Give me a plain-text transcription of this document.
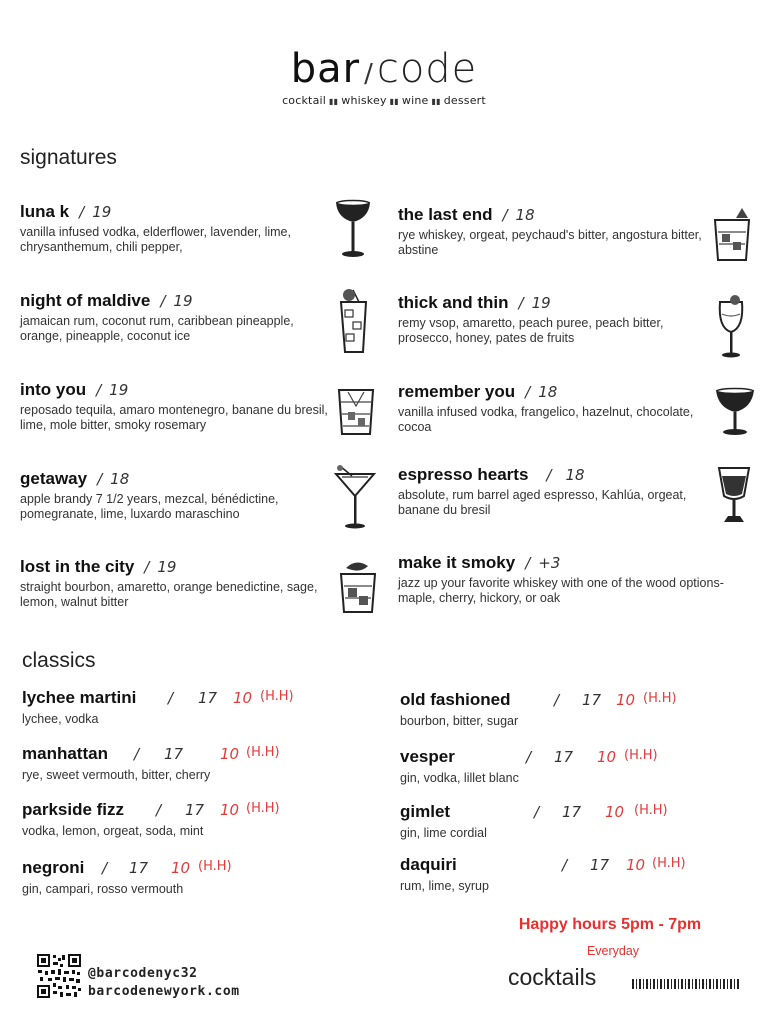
bar / code
cocktail ▮▮ whiskey ▮▮ wine ▮▮ dessert
signatures
luna k / 19
vanilla infused vodka, elderflower, lavender, lime, chrysanthemum, chili pepper,
night of maldive / 19
jamaican rum, coconut rum, caribbean pineapple, orange, pineapple, coconut ice
into you / 19
reposado tequila, amaro montenegro, banane du bresil, lime, mole bitter, smoky rosemary
getaway / 18
apple brandy 7 1/2 years, mezcal, bénédictine, pomegranate, lime, luxardo maraschino
lost in the city / 19
straight bourbon, amaretto, orange benedictine, sage, lemon, walnut bitter
the last end / 18
rye whiskey, orgeat, peychaud's bitter, angostura bitter, abstine
thick and thin / 19
remy vsop, amaretto, peach puree, peach bitter, prosecco, honey, pates de fruits
remember you / 18
vanilla infused vodka, frangelico, hazelnut, chocolate, cocoa
espresso hearts / 18
absolute, rum barrel aged espresso, Kahlúa, orgeat, banane du bresil
make it smoky / +3
jazz up your favorite whiskey with one of the wood options- maple, cherry, hickory, or oak
classics
lychee martini / 17 10 (H.H)
lychee, vodka
manhattan / 17 10 (H.H)
rye, sweet vermouth, bitter, cherry
parkside fizz / 17 10 (H.H)
vodka, lemon, orgeat, soda, mint
negroni / 17 10 (H.H)
gin, campari, rosso vermouth
old fashioned	/ 17 10 (H.H)
bourbon, bitter, sugar
vesper	/ 17 10 (H.H)
gin, vodka, lillet blanc
gimlet	/ 17 10 (H.H)
gin, lime cordial
daquiri	/ 17 10 (H.H)
rum, lime, syrup
Happy hours 5pm - 7pm
Everyday
cocktails
@barcodenyc32
barcodenewyork.com
